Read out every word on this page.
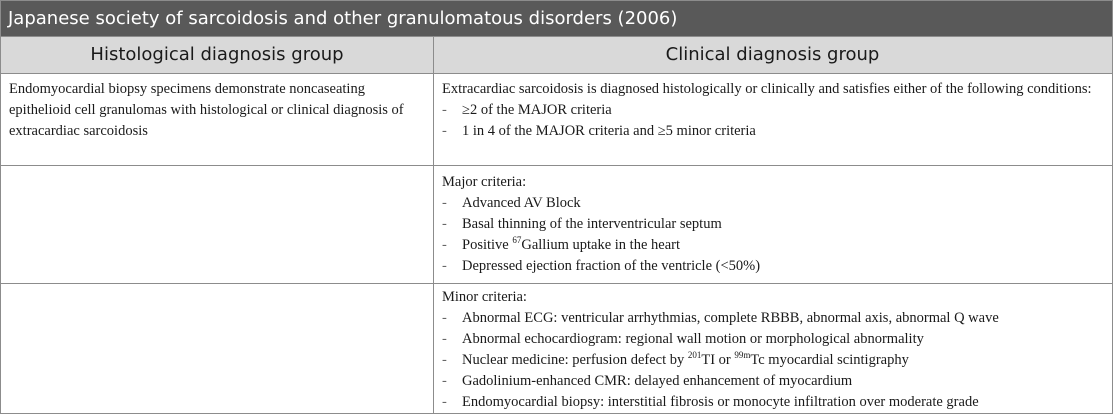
Japanese society of sarcoidosis and other granulomatous disorders (2006)
Histological diagnosis group	Clinical diagnosis group
Endomyocardial biopsy specimens demonstrate noncaseating epithelioid cell granulomas with histological or clinical diagnosis of extracardiac sarcoidosis
Extracardiac sarcoidosis is diagnosed histologically or clinically and satisfies either of the following conditions:
- ≥2 of the MAJOR criteria
- 1 in 4 of the MAJOR criteria and ≥5 minor criteria
Major criteria:
- Advanced AV Block
- Basal thinning of the interventricular septum
- Positive $^{67}$Gallium uptake in the heart
- Depressed ejection fraction of the ventricle (<50%)
Minor criteria:
- Abnormal ECG: ventricular arrhythmias, complete RBBB, abnormal axis, abnormal Q wave
- Abnormal echocardiogram: regional wall motion or morphological abnormality
- Nuclear medicine: perfusion defect by $^{201}$TI or $^{99m}$Tc myocardial scintigraphy
- Gadolinium-enhanced CMR: delayed enhancement of myocardium
- Endomyocardial biopsy: interstitial fibrosis or monocyte infiltration over moderate grade
